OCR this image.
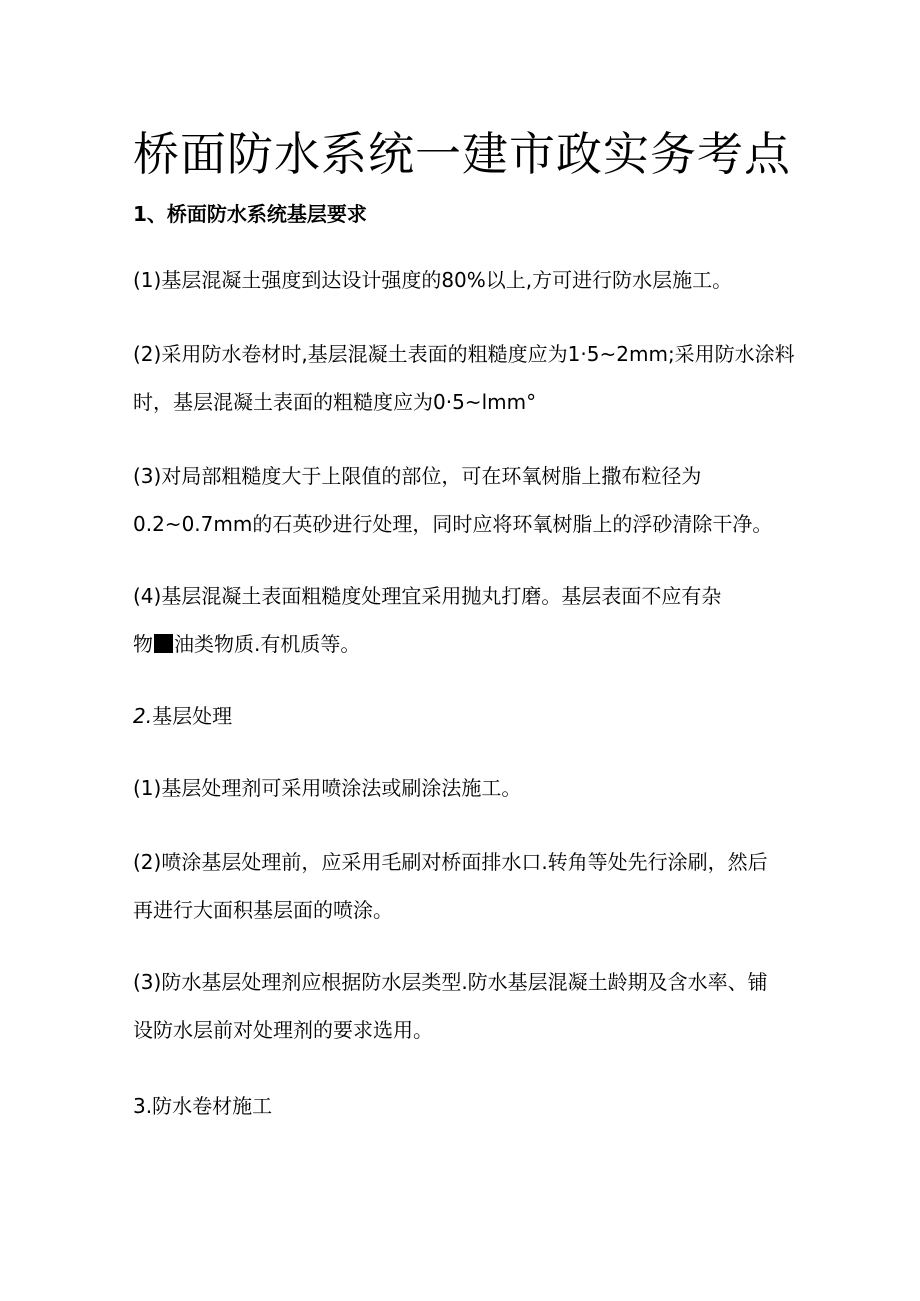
桥面防水系统一建市政实务考点

1、桥面防水系统基层要求

(1)基层混凝土强度到达设计强度的80%以上,方可进行防水层施工。

(2)采用防水卷材时,基层混凝土表面的粗糙度应为1·5~2mm;采用防水涂料

时，基层混凝土表面的粗糙度应为0·5~lmm°

(3)对局部粗糙度大于上限值的部位，可在环氧树脂上撒布粒径为

0.2~0.7mm的石英砂进行处理，同时应将环氧树脂上的浮砂清除干净。

(4)基层混凝土表面粗糙度处理宜采用抛丸打磨。基层表面不应有杂

物 油类物质.有机质等。

2.基层处理

(1)基层处理剂可采用喷涂法或刷涂法施工。

(2)喷涂基层处理前，应采用毛刷对桥面排水口.转角等处先行涂刷，然后

再进行大面积基层面的喷涂。

(3)防水基层处理剂应根据防水层类型.防水基层混凝土龄期及含水率、铺

设防水层前对处理剂的要求选用。

3.防水卷材施工
